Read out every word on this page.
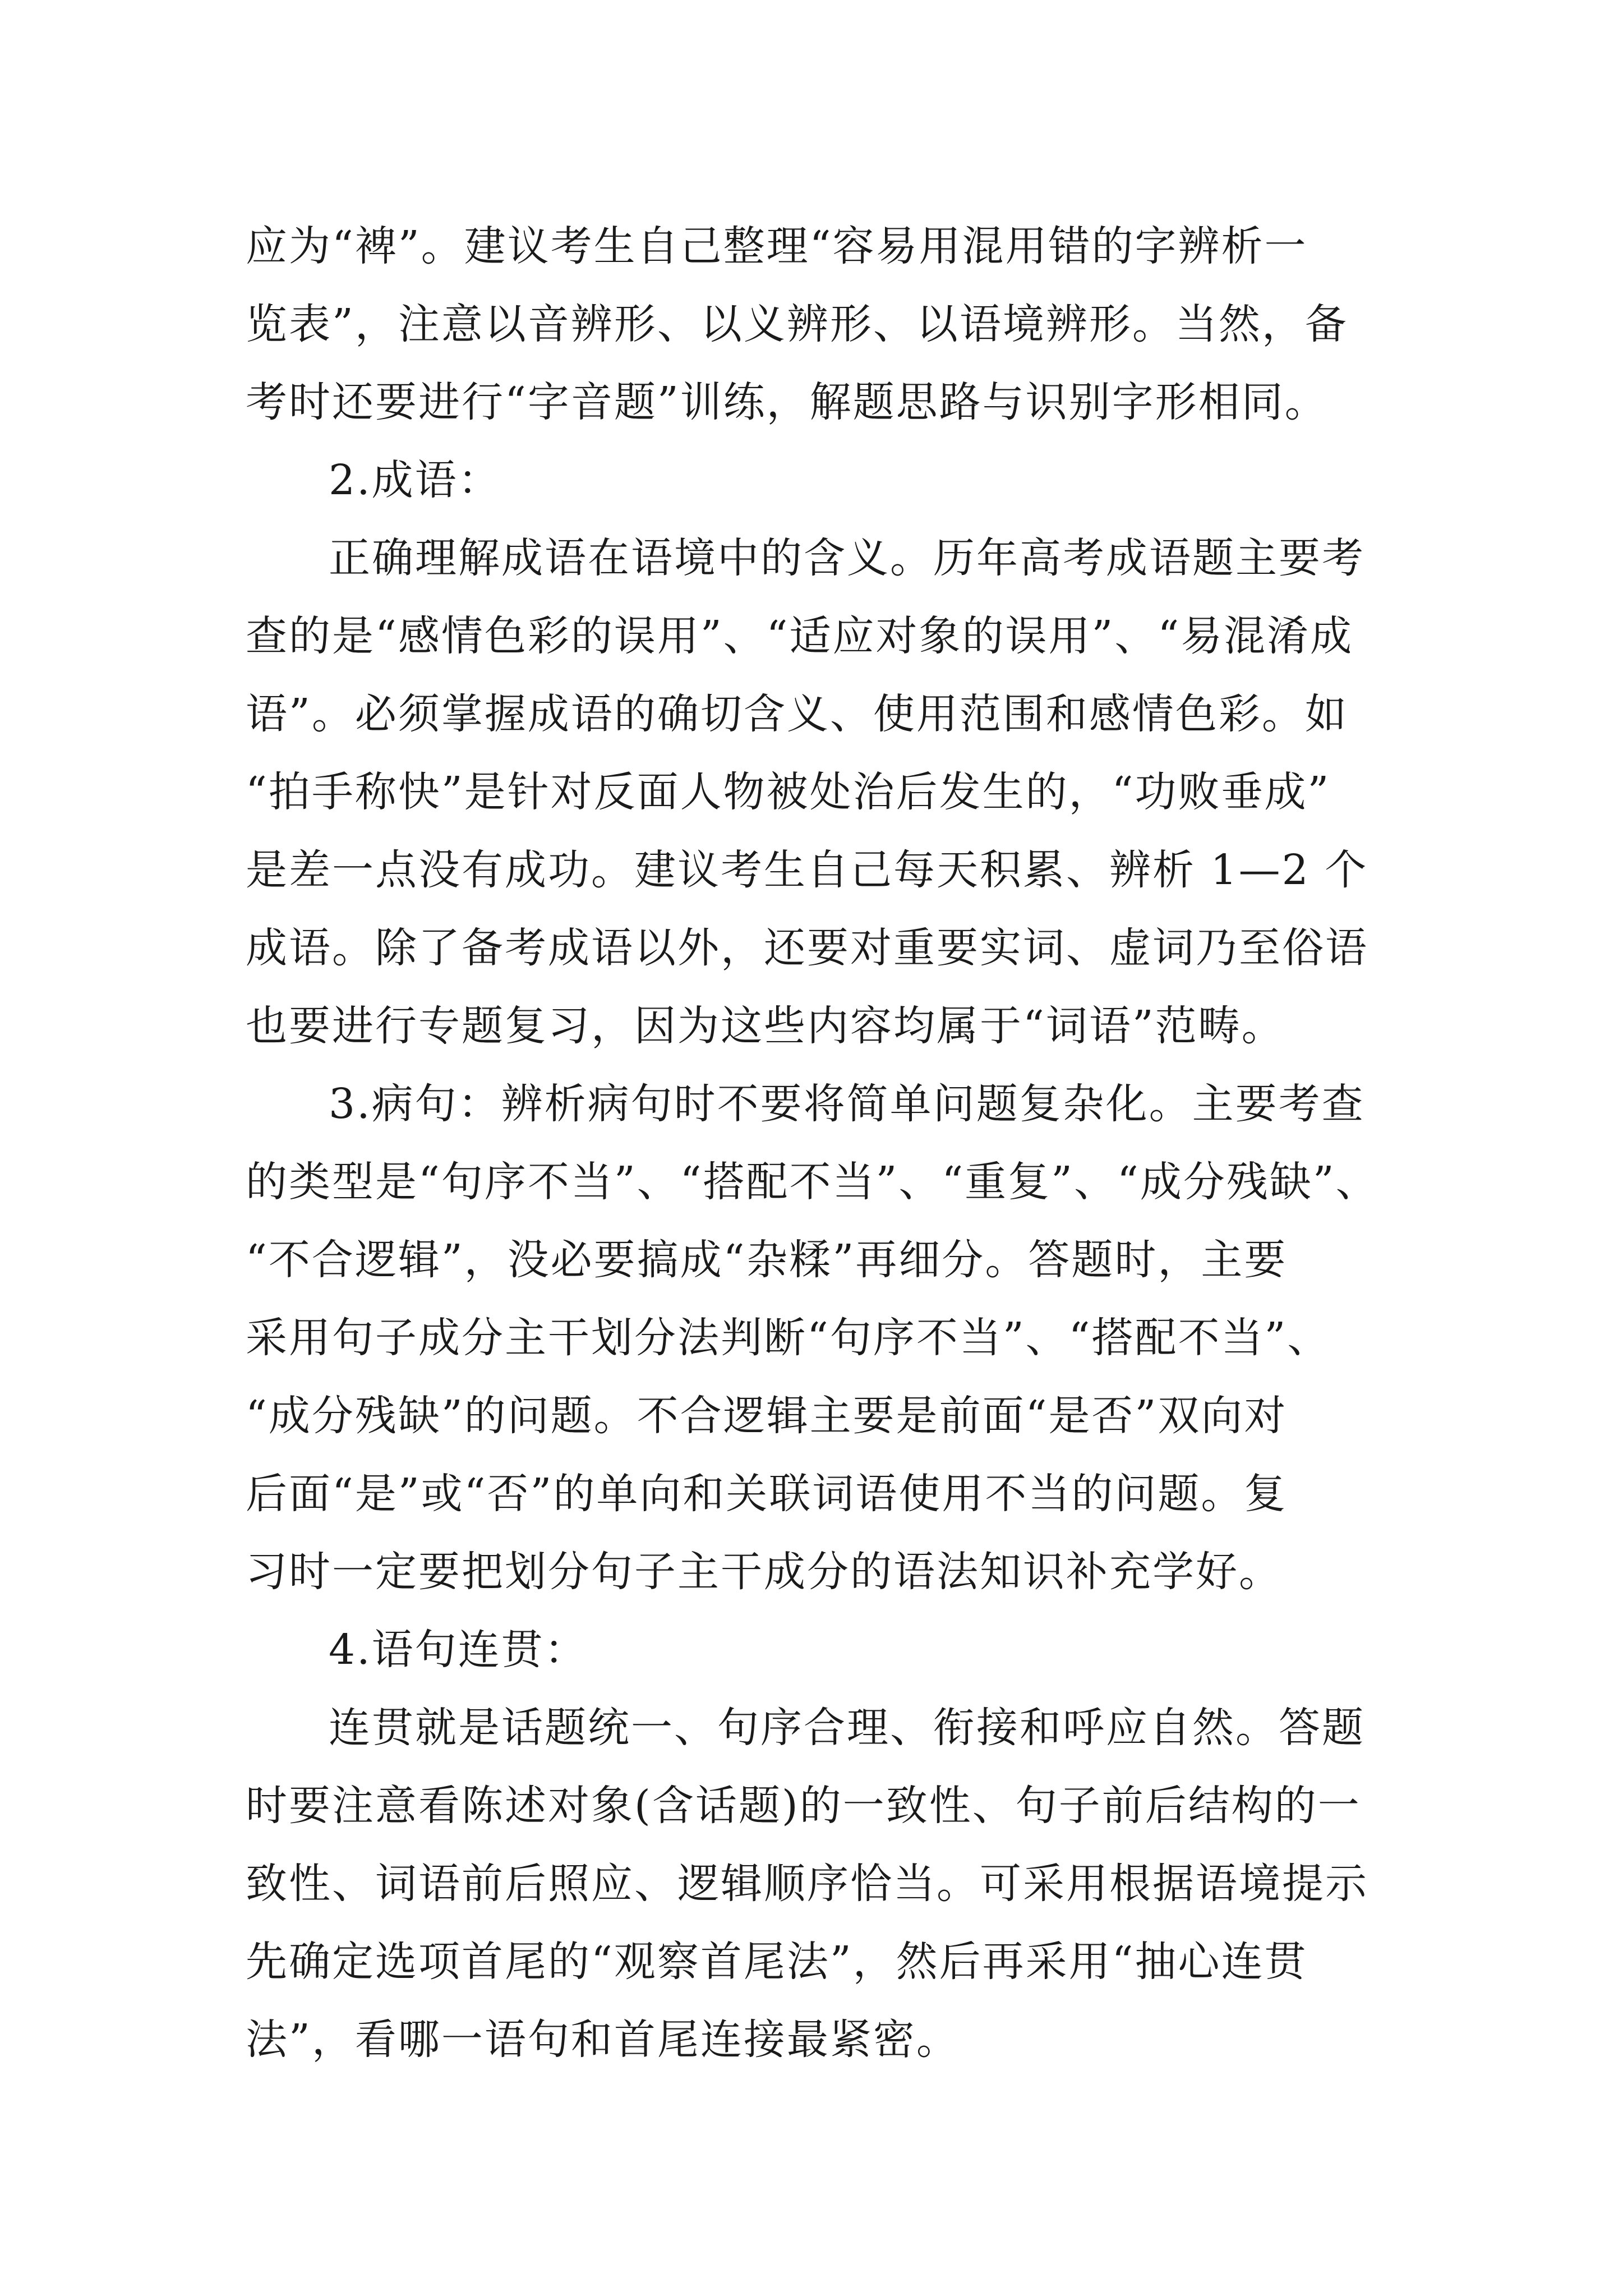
应为“裨”。建议考生自己整理“容易用混用错的字辨析一
览表”，注意以音辨形、以义辨形、以语境辨形。当然，备
考时还要进行“字音题”训练，解题思路与识别字形相同。
2.成语：
正确理解成语在语境中的含义。历年高考成语题主要考
查的是“感情色彩的误用”、“适应对象的误用”、“易混淆成
语”。必须掌握成语的确切含义、使用范围和感情色彩。如
“拍手称快”是针对反面人物被处治后发生的，“功败垂成”
是差一点没有成功。建议考生自己每天积累、辨析 1—2 个
成语。除了备考成语以外，还要对重要实词、虚词乃至俗语
也要进行专题复习，因为这些内容均属于“词语”范畴。
3.病句：辨析病句时不要将简单问题复杂化。主要考查
的类型是“句序不当”、“搭配不当”、“重复”、“成分残缺”、
“不合逻辑”，没必要搞成“杂糅”再细分。答题时，主要
采用句子成分主干划分法判断“句序不当”、“搭配不当”、
“成分残缺”的问题。不合逻辑主要是前面“是否”双向对
后面“是”或“否”的单向和关联词语使用不当的问题。复
习时一定要把划分句子主干成分的语法知识补充学好。
4.语句连贯：
连贯就是话题统一、句序合理、衔接和呼应自然。答题
时要注意看陈述对象(含话题)的一致性、句子前后结构的一
致性、词语前后照应、逻辑顺序恰当。可采用根据语境提示
先确定选项首尾的“观察首尾法”，然后再采用“抽心连贯
法”，看哪一语句和首尾连接最紧密。
